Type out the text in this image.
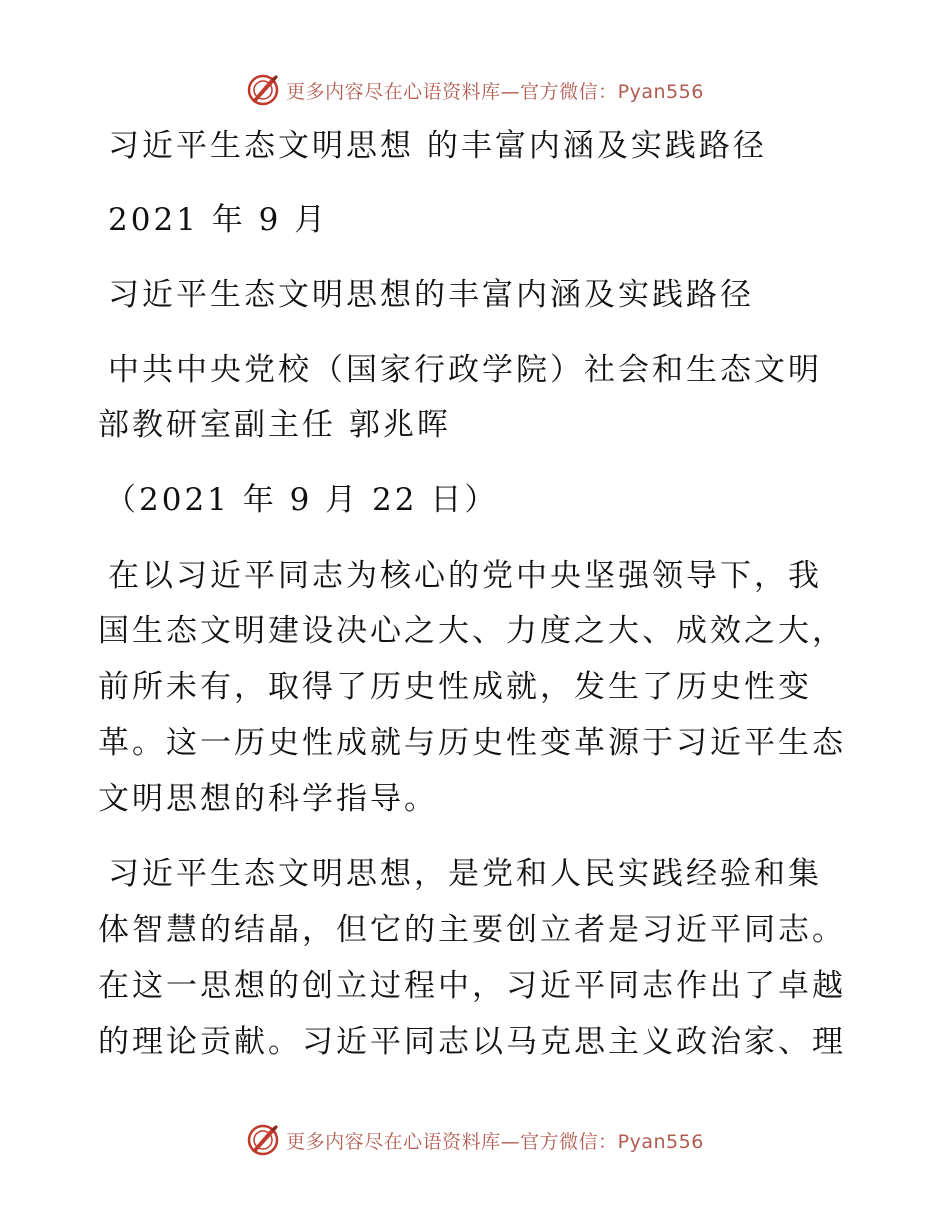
更多内容尽在心语资料库—官方微信：Pyan556
习近平生态文明思想 的丰富内涵及实践路径
2021 年 9 月
习近平生态文明思想的丰富内涵及实践路径
中共中央党校（国家行政学院）社会和生态文明
部教研室副主任 郭兆晖
（2021 年 9 月 22 日）
在以习近平同志为核心的党中央坚强领导下，我
国生态文明建设决心之大、力度之大、成效之大，
前所未有，取得了历史性成就，发生了历史性变
革。这一历史性成就与历史性变革源于习近平生态
文明思想的科学指导。
习近平生态文明思想，是党和人民实践经验和集
体智慧的结晶，但它的主要创立者是习近平同志。
在这一思想的创立过程中，习近平同志作出了卓越
的理论贡献。习近平同志以马克思主义政治家、理
更多内容尽在心语资料库—官方微信：Pyan556
